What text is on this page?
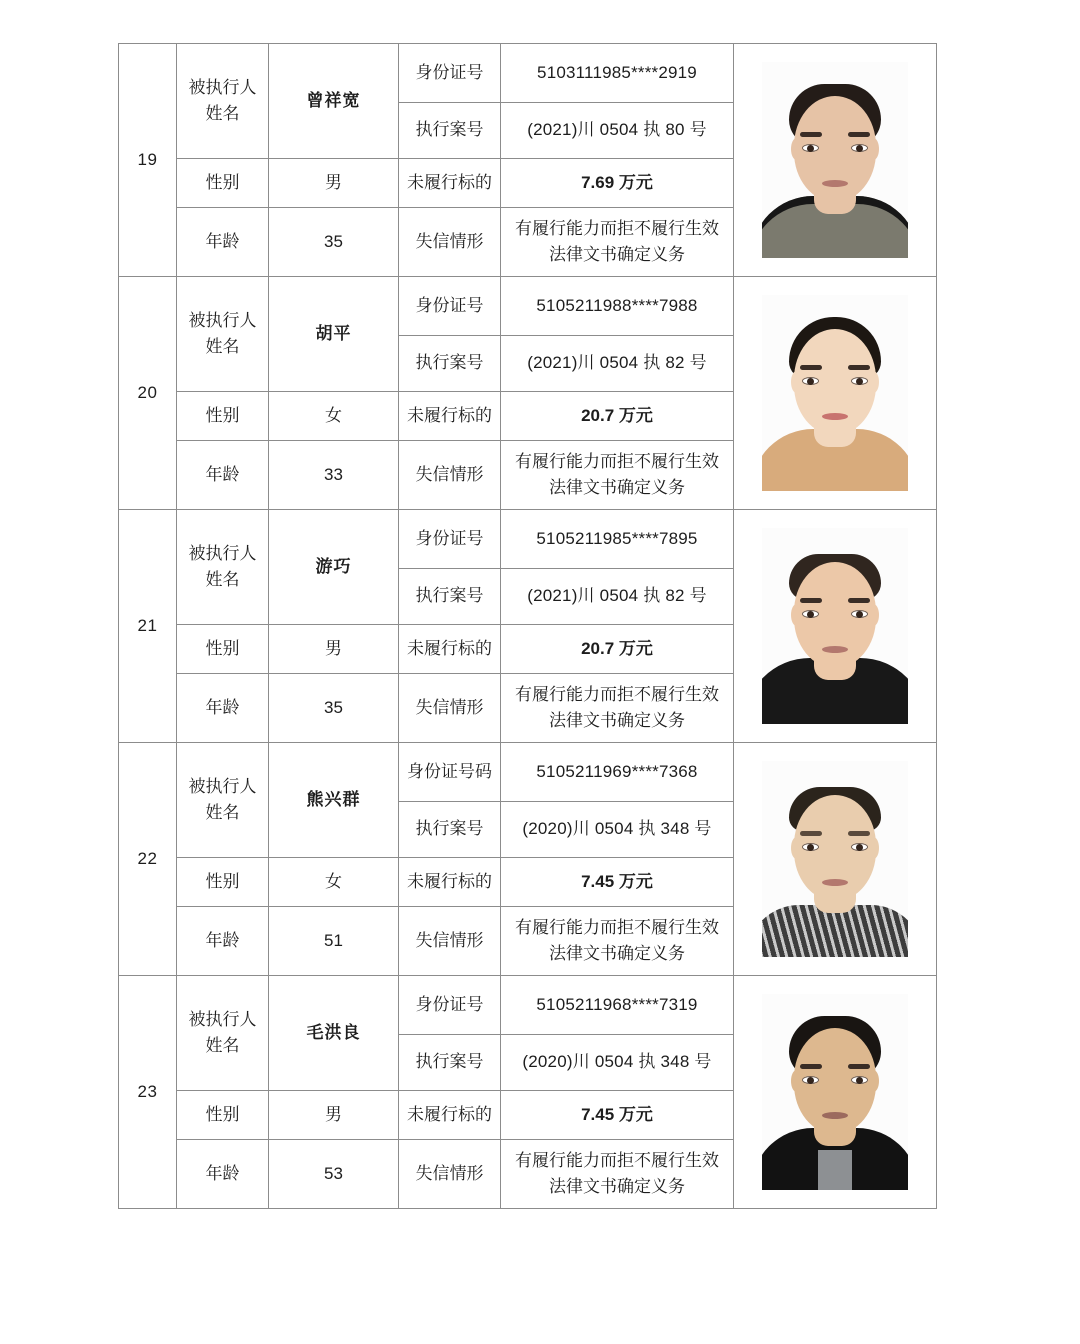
19	被执行人姓名	曾祥宽	身份证号	5103111985****2919	

			执行案号	(2021)川 0504 执 80 号	
	性别	男	未履行标的	7.69 万元	
	年龄	35	失信情形	有履行能力而拒不履行生效
法律文书确定义务	
20	被执行人姓名	胡平	身份证号	5105211988****7988	

			执行案号	(2021)川 0504 执 82 号	
	性别	女	未履行标的	20.7 万元	
	年龄	33	失信情形	有履行能力而拒不履行生效
法律文书确定义务	
21	被执行人姓名	游巧	身份证号	5105211985****7895	

			执行案号	(2021)川 0504 执 82 号	
	性别	男	未履行标的	20.7 万元	
	年龄	35	失信情形	有履行能力而拒不履行生效
法律文书确定义务	
22	被执行人姓名	熊兴群	身份证号码	5105211969****7368	

			执行案号	(2020)川 0504 执 348 号	
	性别	女	未履行标的	7.45 万元	
	年龄	51	失信情形	有履行能力而拒不履行生效
法律文书确定义务	
23	被执行人姓名	毛洪良	身份证号	5105211968****7319	

			执行案号	(2020)川 0504 执 348 号	
	性别	男	未履行标的	7.45 万元	
	年龄	53	失信情形	有履行能力而拒不履行生效
法律文书确定义务	
